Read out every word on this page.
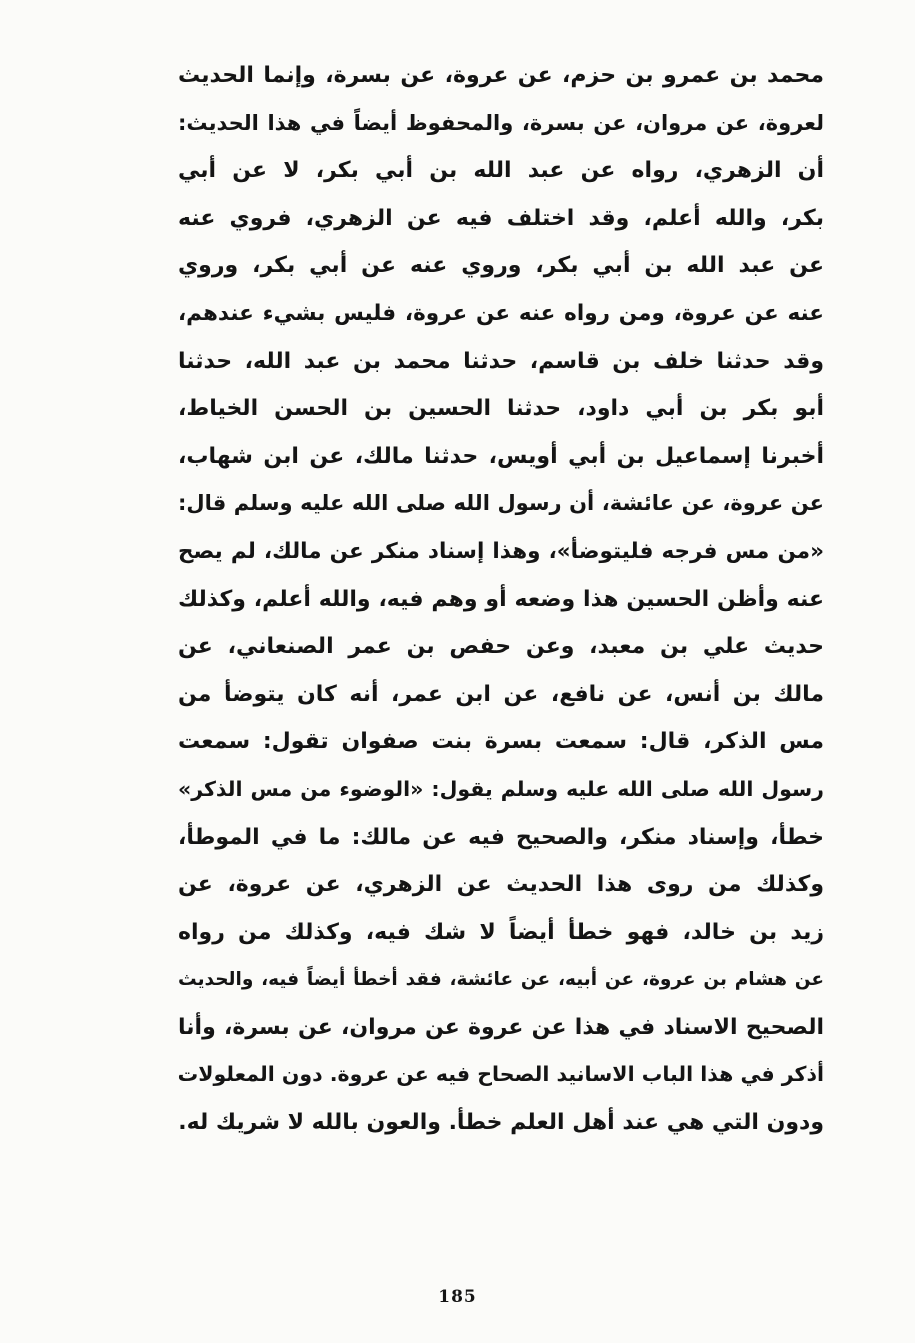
محمد بن عمرو بن حزم، عن عروة، عن بسرة، وإنما الحديث
لعروة، عن مروان، عن بسرة، والمحفوظ أيضاً في هذا الحديث:
أن الزهري، رواه عن عبد الله بن أبي بكر، لا عن أبي
بكر، والله أعلم، وقد اختلف فيه عن الزهري، فروي عنه
عن عبد الله بن أبي بكر، وروي عنه عن أبي بكر، وروي
عنه عن عروة، ومن رواه عنه عن عروة، فليس بشيء عندهم،
وقد حدثنا خلف بن قاسم، حدثنا محمد بن عبد الله، حدثنا
أبو بكر بن أبي داود، حدثنا الحسين بن الحسن الخياط،
أخبرنا إسماعيل بن أبي أويس، حدثنا مالك، عن ابن شهاب،
عن عروة، عن عائشة، أن رسول الله صلى الله عليه وسلم قال:
«من مس فرجه فليتوضأ»، وهذا إسناد منكر عن مالك، لم يصح
عنه وأظن الحسين هذا وضعه أو وهم فيه، والله أعلم، وكذلك
حديث علي بن معبد، وعن حفص بن عمر الصنعاني، عن
مالك بن أنس، عن نافع، عن ابن عمر، أنه كان يتوضأ من
مس الذكر، قال: سمعت بسرة بنت صفوان تقول: سمعت
رسول الله صلى الله عليه وسلم يقول: «الوضوء من مس الذكر»
خطأ، وإسناد منكر، والصحيح فيه عن مالك: ما في الموطأ،
وكذلك من روى هذا الحديث عن الزهري، عن عروة، عن
زيد بن خالد، فهو خطأ أيضاً لا شك فيه، وكذلك من رواه
عن هشام بن عروة، عن أبيه، عن عائشة، فقد أخطأ أيضاً فيه، والحديث
الصحيح الاسناد في هذا عن عروة عن مروان، عن بسرة، وأنا
أذكر في هذا الباب الاسانيد الصحاح فيه عن عروة. دون المعلولات
ودون التي هي عند أهل العلم خطأ. والعون بالله لا شريك له.
185
